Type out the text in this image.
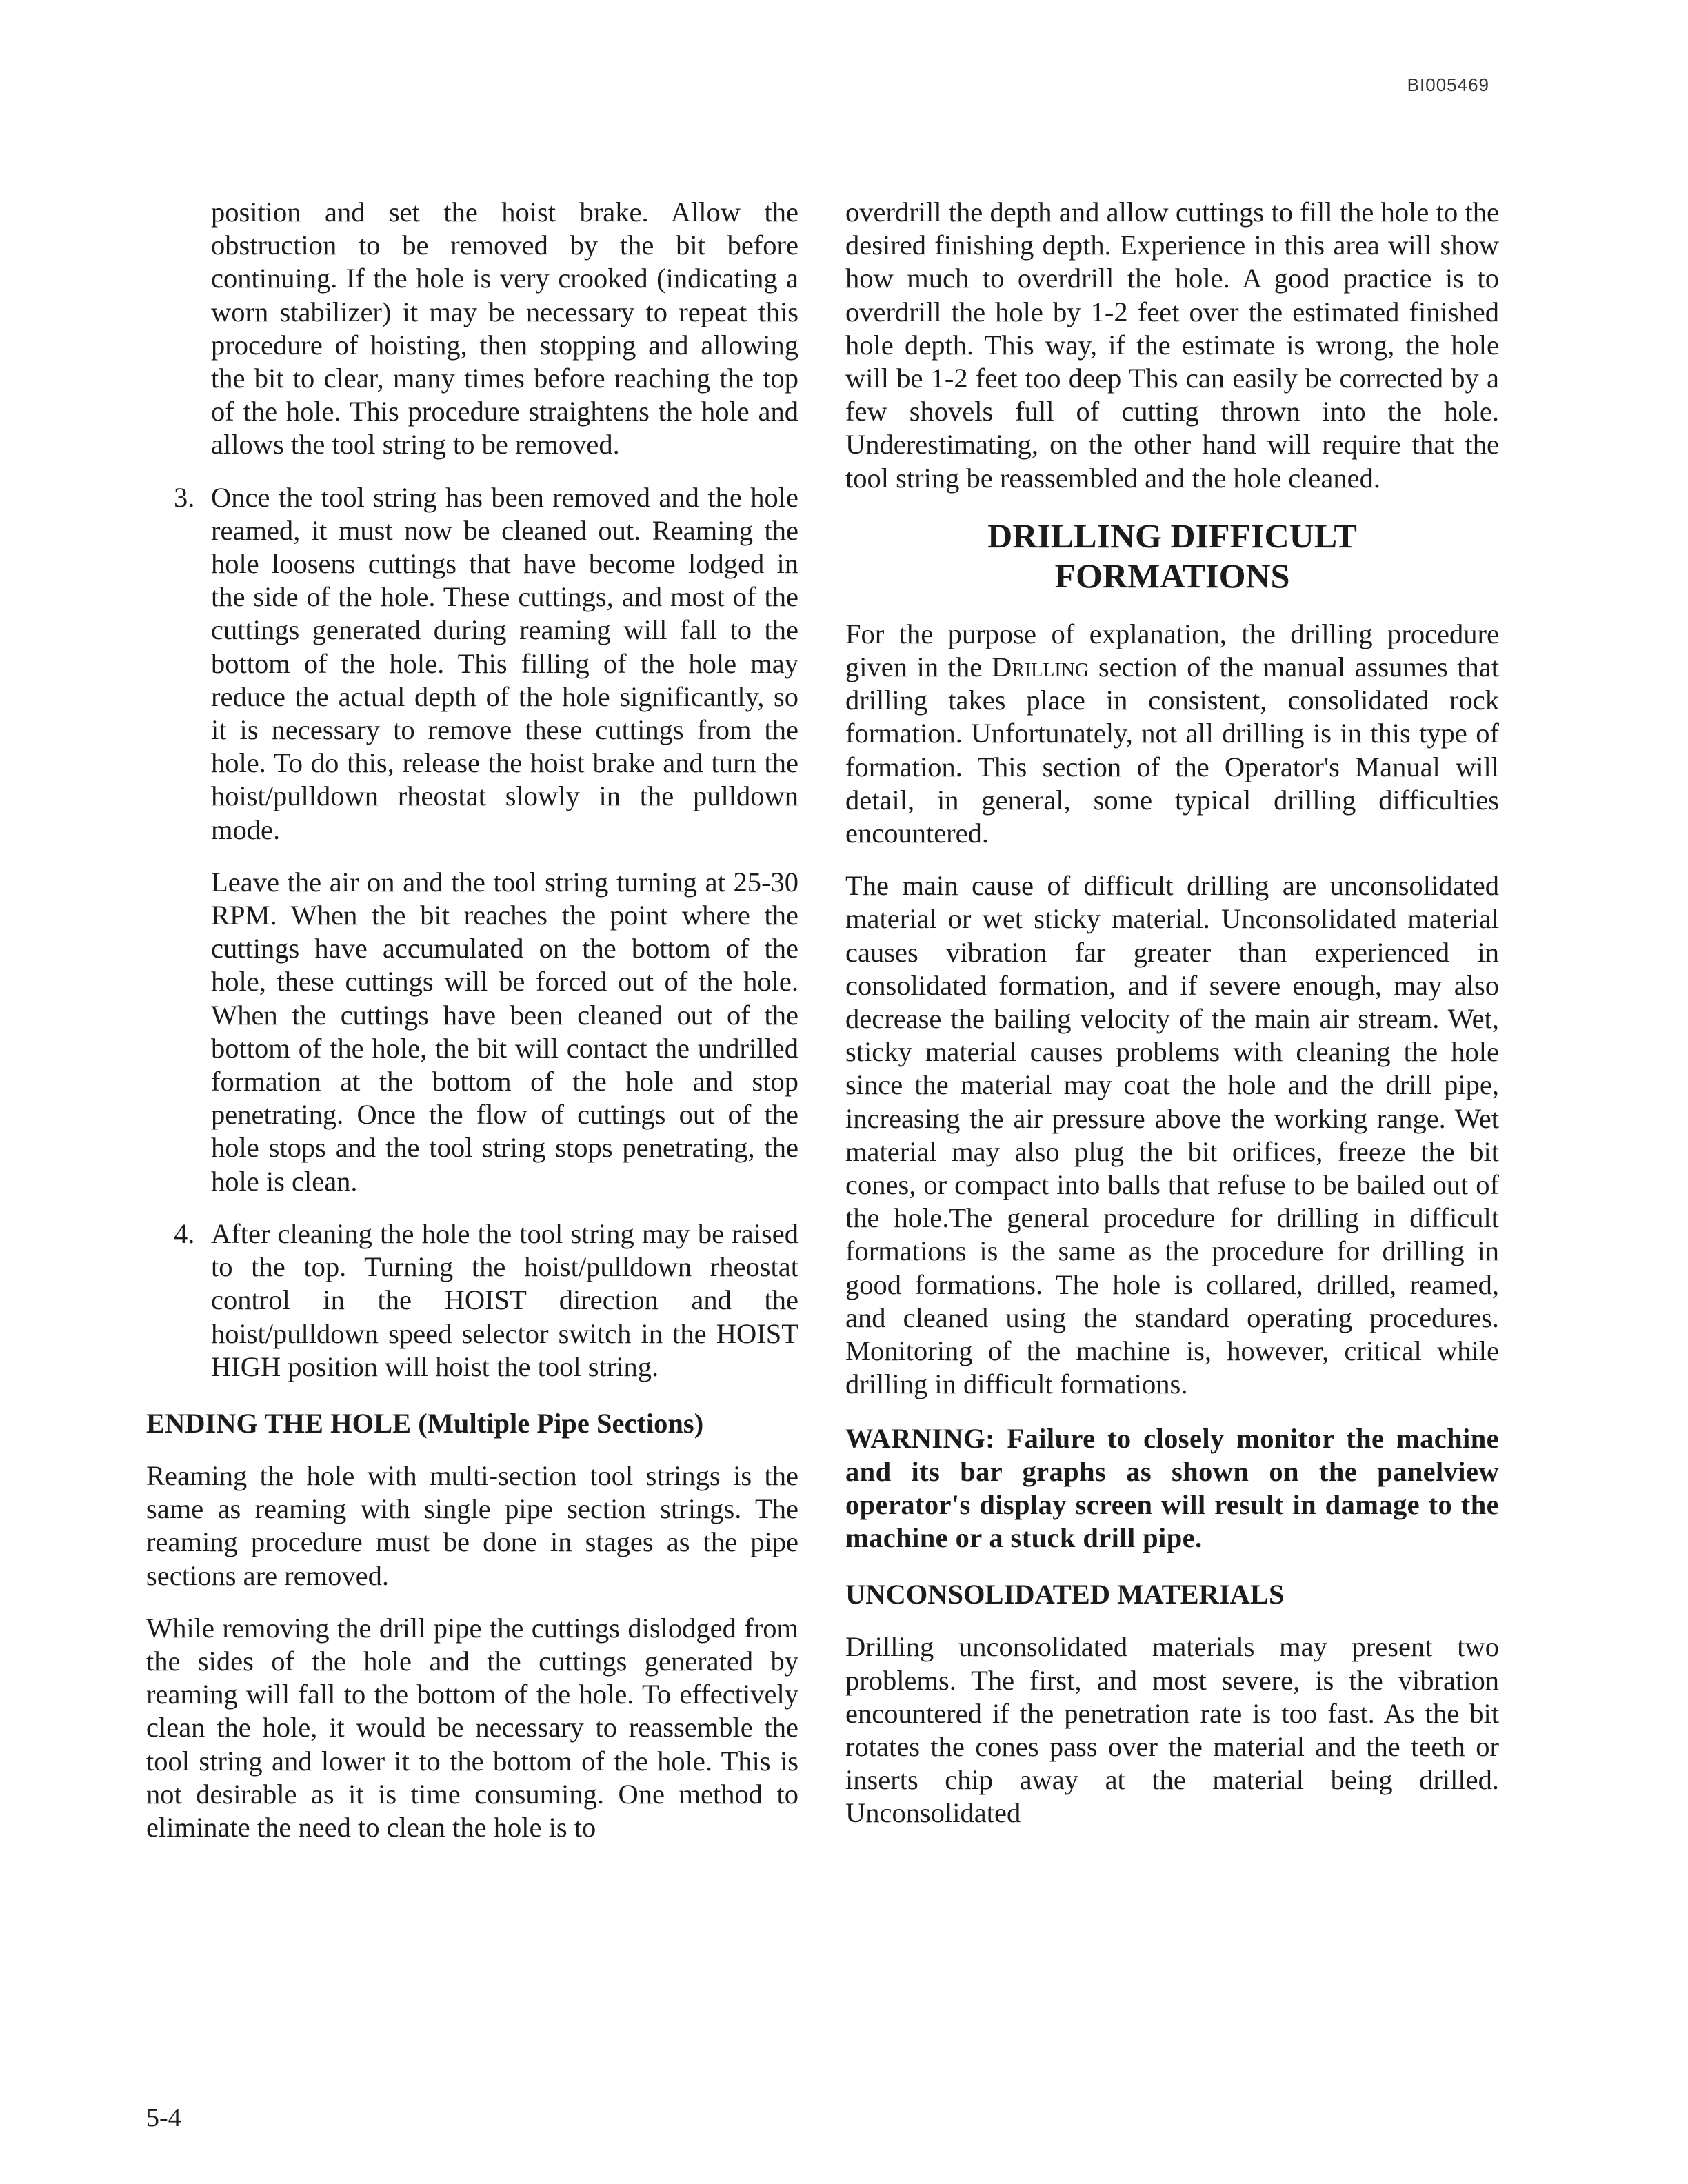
BI005469

position and set the hoist brake. Allow the obstruction to be removed by the bit before continuing. If the hole is very crooked (indicating a worn stabilizer) it may be necessary to repeat this procedure of hoisting, then stopping and allowing the bit to clear, many times before reaching the top of the hole. This procedure straightens the hole and allows the tool string to be removed.

3. Once the tool string has been removed and the hole reamed, it must now be cleaned out. Reaming the hole loosens cuttings that have become lodged in the side of the hole. These cuttings, and most of the cuttings generated during reaming will fall to the bottom of the hole. This filling of the hole may reduce the actual depth of the hole significantly, so it is necessary to remove these cuttings from the hole. To do this, release the hoist brake and turn the hoist/pulldown rheostat slowly in the pulldown mode.

Leave the air on and the tool string turning at 25-30 RPM. When the bit reaches the point where the cuttings have accumulated on the bottom of the hole, these cuttings will be forced out of the hole. When the cuttings have been cleaned out of the bottom of the hole, the bit will contact the undrilled formation at the bottom of the hole and stop penetrating. Once the flow of cuttings out of the hole stops and the tool string stops penetrating, the hole is clean.

4. After cleaning the hole the tool string may be raised to the top. Turning the hoist/pulldown rheostat control in the HOIST direction and the hoist/pulldown speed selector switch in the HOIST HIGH position will hoist the tool string.

ENDING THE HOLE (Multiple Pipe Sections)

Reaming the hole with multi-section tool strings is the same as reaming with single pipe section strings. The reaming procedure must be done in stages as the pipe sections are removed.

While removing the drill pipe the cuttings dislodged from the sides of the hole and the cuttings generated by reaming will fall to the bottom of the hole. To effectively clean the hole, it would be necessary to reassemble the tool string and lower it to the bottom of the hole. This is not desirable as it is time consuming. One method to eliminate the need to clean the hole is to

overdrill the depth and allow cuttings to fill the hole to the desired finishing depth. Experience in this area will show how much to overdrill the hole. A good practice is to overdrill the hole by 1-2 feet over the estimated finished hole depth. This way, if the estimate is wrong, the hole will be 1-2 feet too deep This can easily be corrected by a few shovels full of cutting thrown into the hole. Underestimating, on the other hand will require that the tool string be reassembled and the hole cleaned.

DRILLING DIFFICULT
FORMATIONS

For the purpose of explanation, the drilling procedure given in the Drilling section of the manual assumes that drilling takes place in consistent, consolidated rock formation. Unfortunately, not all drilling is in this type of formation. This section of the Operator's Manual will detail, in general, some typical drilling difficulties encountered.

The main cause of difficult drilling are unconsolidated material or wet sticky material. Unconsolidated material causes vibration far greater than experienced in consolidated formation, and if severe enough, may also decrease the bailing velocity of the main air stream. Wet, sticky material causes problems with cleaning the hole since the material may coat the hole and the drill pipe, increasing the air pressure above the working range. Wet material may also plug the bit orifices, freeze the bit cones, or compact into balls that refuse to be bailed out of the hole.The general procedure for drilling in difficult formations is the same as the procedure for drilling in good formations. The hole is collared, drilled, reamed, and cleaned using the standard operating procedures. Monitoring of the machine is, however, critical while drilling in difficult formations.

WARNING: Failure to closely monitor the machine and its bar graphs as shown on the panelview operator's display screen will result in damage to the machine or a stuck drill pipe.

UNCONSOLIDATED MATERIALS

Drilling unconsolidated materials may present two problems. The first, and most severe, is the vibration encountered if the penetration rate is too fast. As the bit rotates the cones pass over the material and the teeth or inserts chip away at the material being drilled. Unconsolidated

5-4
